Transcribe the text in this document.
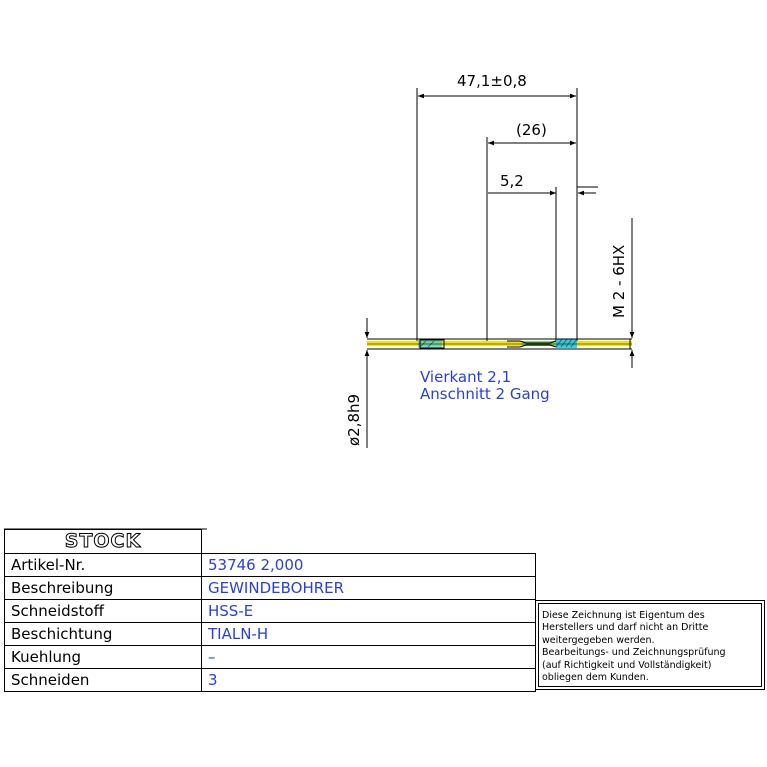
47,1±0,8
(26)
5,2
M 2 - 6HX
ø2,8h9
Vierkant 2,1
Anschnitt 2 Gang
STOCK	
Artikel-Nr.	53746 2,000
Beschreibung	GEWINDEBOHRER
Schneidstoff	HSS-E
Beschichtung	TIALN-H
Kuehlung	–
Schneiden	3
Diese Zeichnung ist Eigentum des
Herstellers und darf nicht an Dritte
weitergegeben werden.
Bearbeitungs- und Zeichnungsprüfung
(auf Richtigkeit und Vollständigkeit)
obliegen dem Kunden.
